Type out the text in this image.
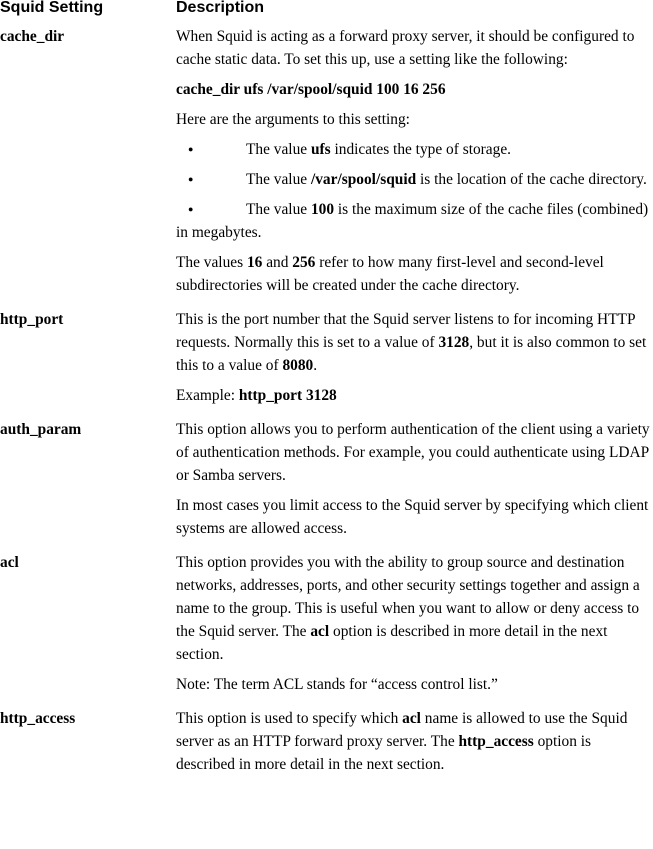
Squid Setting	Description
cache_dir	When Squid is acting as a forward proxy server, it should be configured to cache static data. To set this up, use a setting like the following:

cache_dir ufs /var/spool/squid 100 16 256

Here are the arguments to this setting:

●	The value ufs indicates the type of storage.

●	The value /var/spool/squid is the location of the cache directory.

●	The value 100 is the maximum size of the cache files (combined) in megabytes.

The values 16 and 256 refer to how many first-level and second-level subdirectories will be created under the cache directory.

http_port	This is the port number that the Squid server listens to for incoming HTTP requests. Normally this is set to a value of 3128, but it is also common to set this to a value of 8080.

Example: http_port 3128

auth_param	This option allows you to perform authentication of the client using a variety of authentication methods. For example, you could authenticate using LDAP or Samba servers.

In most cases you limit access to the Squid server by specifying which client systems are allowed access.

acl	This option provides you with the ability to group source and destination networks, addresses, ports, and other security settings together and assign a name to the group. This is useful when you want to allow or deny access to the Squid server. The acl option is described in more detail in the next section.

Note: The term ACL stands for “access control list.”

http_access	This option is used to specify which acl name is allowed to use the Squid server as an HTTP forward proxy server. The http_access option is described in more detail in the next section.
